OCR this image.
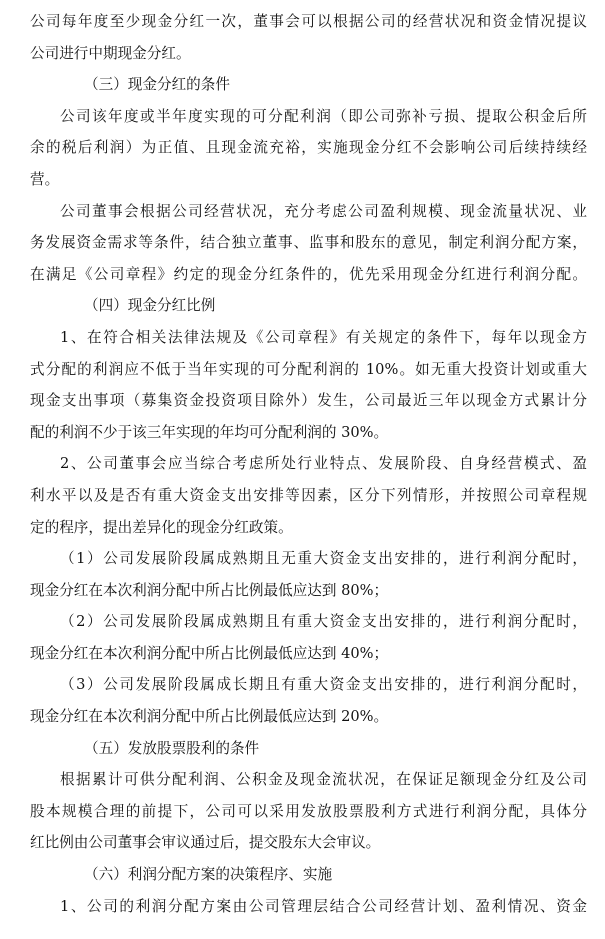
公司每年度至少现金分红一次，董事会可以根据公司的经营状况和资金情况提议
公司进行中期现金分红。
（三）现金分红的条件
公司该年度或半年度实现的可分配利润（即公司弥补亏损、提取公积金后所
余的税后利润）为正值、且现金流充裕，实施现金分红不会影响公司后续持续经
营。
公司董事会根据公司经营状况，充分考虑公司盈利规模、现金流量状况、业
务发展资金需求等条件，结合独立董事、监事和股东的意见，制定利润分配方案，
在满足《公司章程》约定的现金分红条件的，优先采用现金分红进行利润分配。
（四）现金分红比例
1、在符合相关法律法规及《公司章程》有关规定的条件下，每年以现金方
式分配的利润应不低于当年实现的可分配利润的 10%。如无重大投资计划或重大
现金支出事项（募集资金投资项目除外）发生，公司最近三年以现金方式累计分
配的利润不少于该三年实现的年均可分配利润的 30%。
2、公司董事会应当综合考虑所处行业特点、发展阶段、自身经营模式、盈
利水平以及是否有重大资金支出安排等因素，区分下列情形，并按照公司章程规
定的程序，提出差异化的现金分红政策。
（1）公司发展阶段属成熟期且无重大资金支出安排的，进行利润分配时，
现金分红在本次利润分配中所占比例最低应达到 80%；
（2）公司发展阶段属成熟期且有重大资金支出安排的，进行利润分配时，
现金分红在本次利润分配中所占比例最低应达到 40%；
（3）公司发展阶段属成长期且有重大资金支出安排的，进行利润分配时，
现金分红在本次利润分配中所占比例最低应达到 20%。
（五）发放股票股利的条件
根据累计可供分配利润、公积金及现金流状况，在保证足额现金分红及公司
股本规模合理的前提下，公司可以采用发放股票股利方式进行利润分配，具体分
红比例由公司董事会审议通过后，提交股东大会审议。
（六）利润分配方案的决策程序、实施
1、公司的利润分配方案由公司管理层结合公司经营计划、盈利情况、资金
